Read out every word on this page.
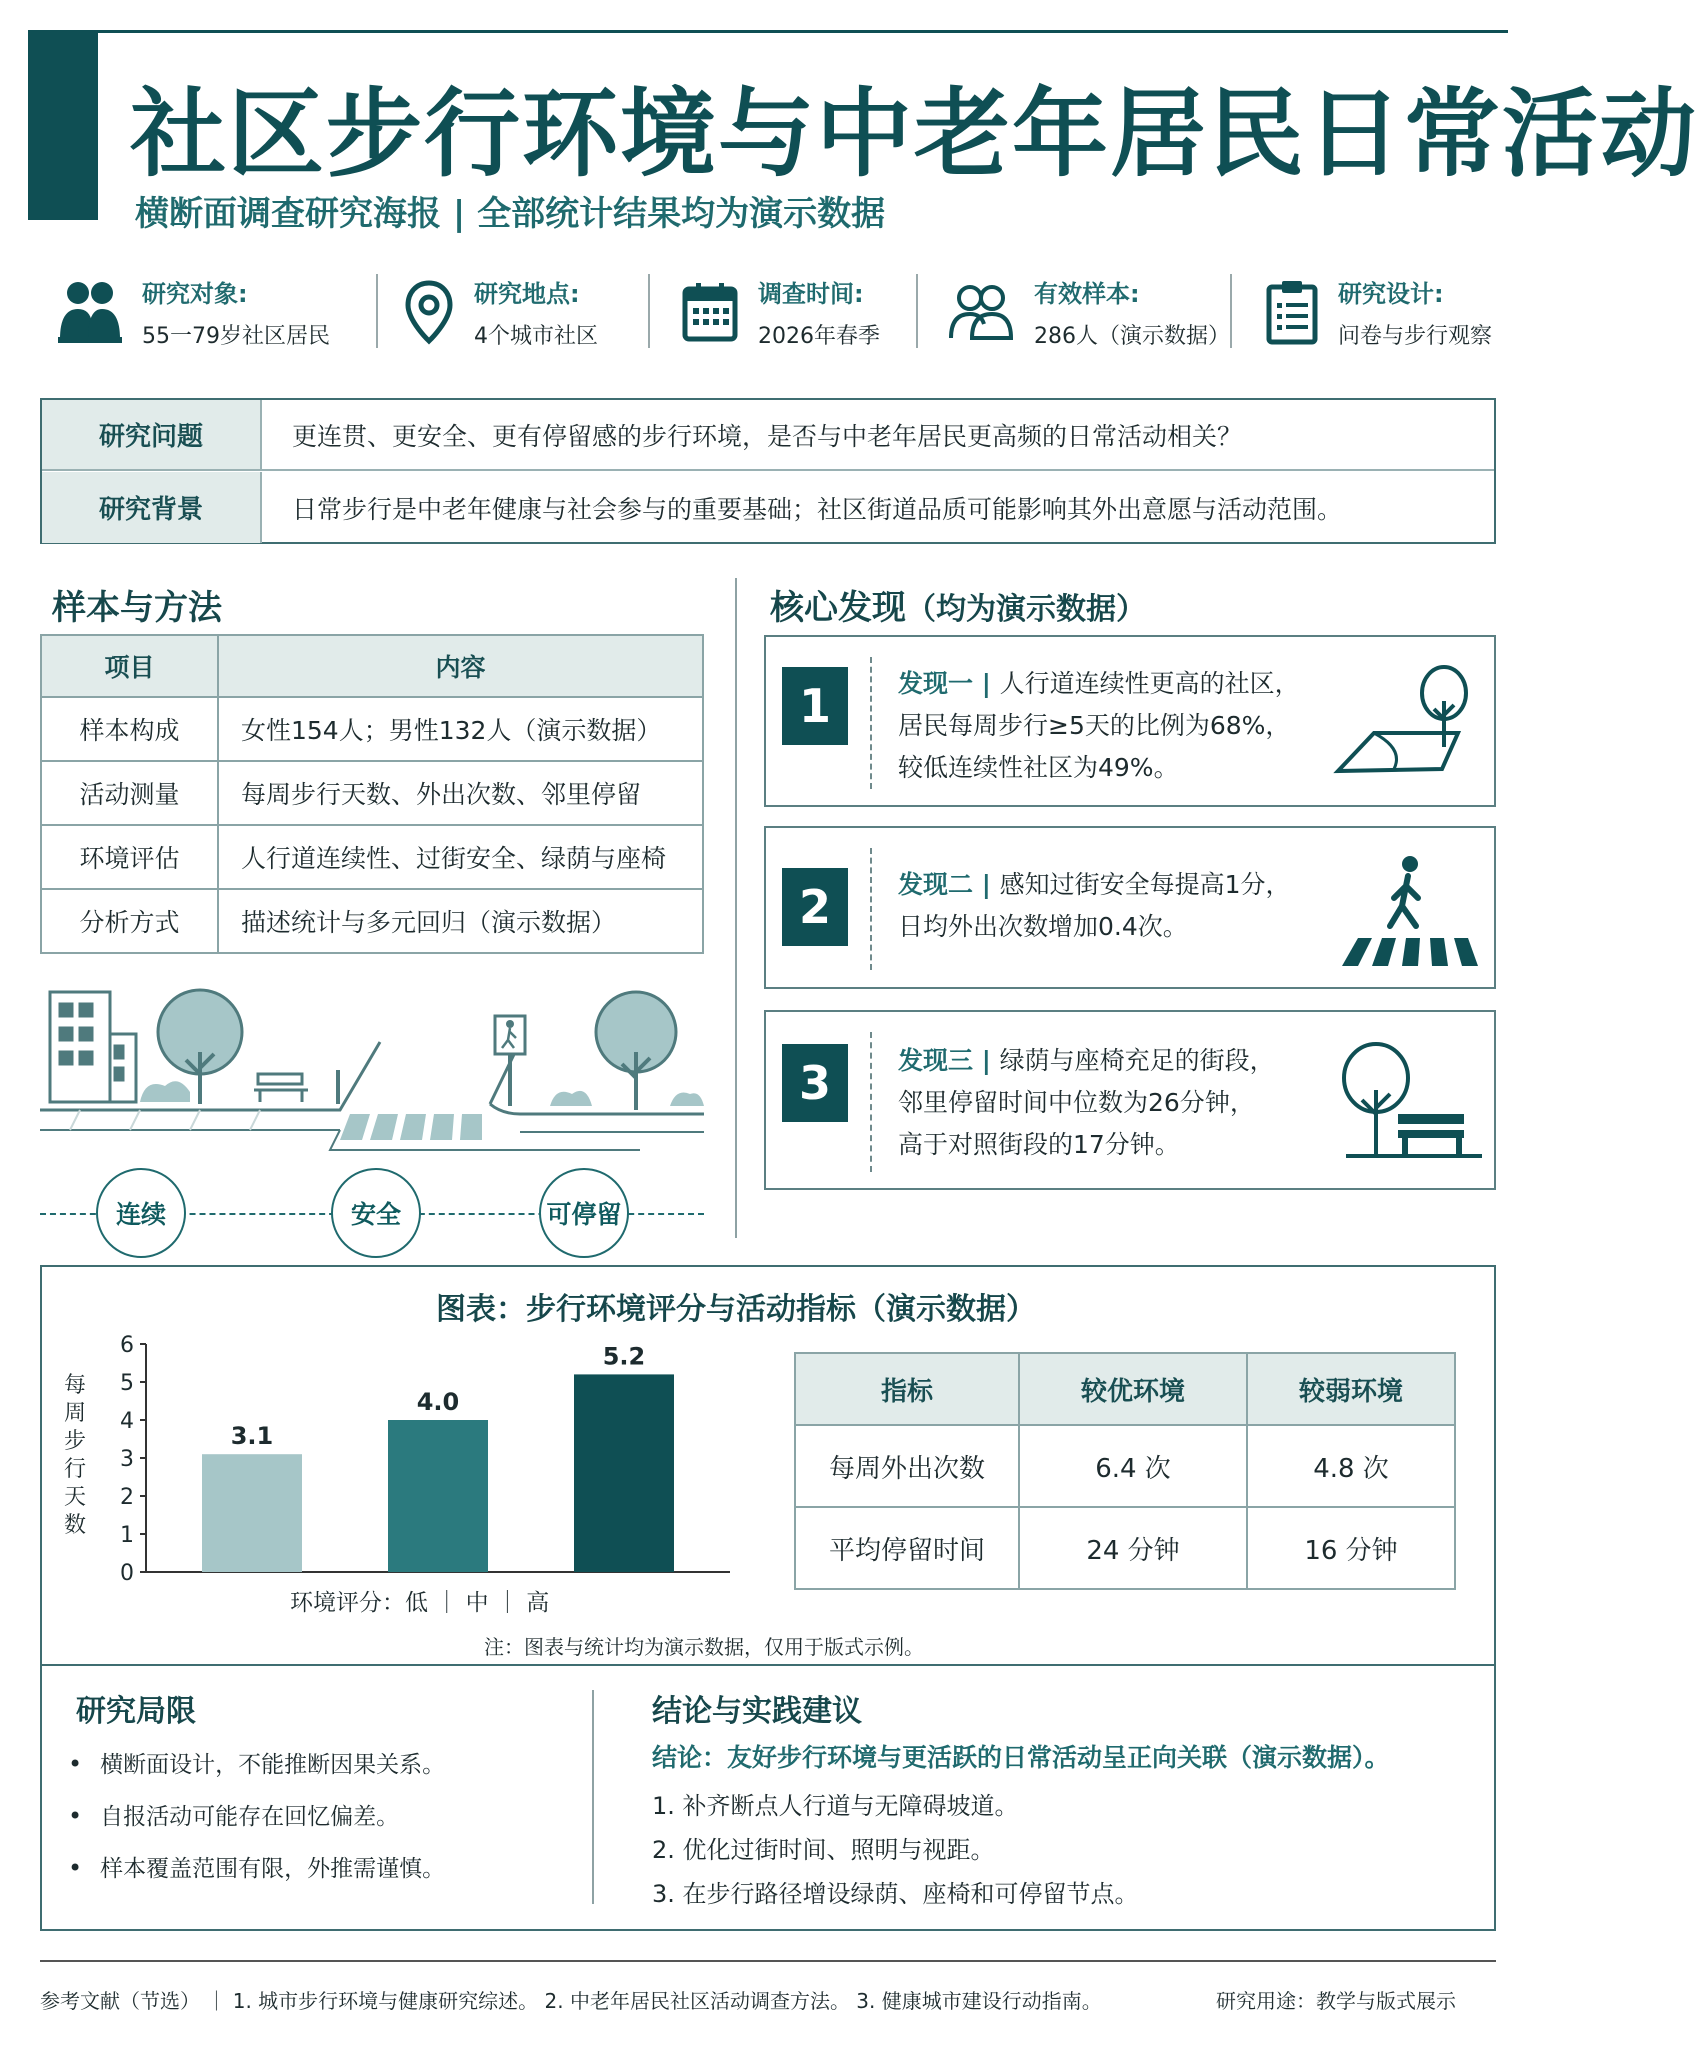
社区步行环境与中老年居民日常活动
横断面调查研究海报 | 全部统计结果均为演示数据
研究对象:
55一79岁社区居民
研究地点:
4个城市社区
调查时间:
2026年春季
有效样本:
286人（演示数据）
研究设计:
问卷与步行观察
研究问题	更连贯、更安全、更有停留感的步行环境，是否与中老年居民更高频的日常活动相关？
研究背景	日常步行是中老年健康与社会参与的重要基础；社区街道品质可能影响其外出意愿与活动范围。
样本与方法
项目	内容
样本构成	女性154人；男性132人（演示数据）
活动测量	每周步行天数、外出次数、邻里停留
环境评估	人行道连续性、过街安全、绿荫与座椅
分析方式	描述统计与多元回归（演示数据）
连续	安全	可停留
核心发现（均为演示数据）
1	发现一 | 人行道连续性更高的社区，
居民每周步行≥5天的比例为68%，
较低连续性社区为49%。
2	发现二 | 感知过街安全每提高1分，
日均外出次数增加0.4次。
3	发现三 | 绿荫与座椅充足的街段，
邻里停留时间中位数为26分钟，
高于对照街段的17分钟。
图表：步行环境评分与活动指标（演示数据）
每周步行天数
0
1
2
3
4
5
6
3.1
4.0
5.2
环境评分：低 ｜ 中 ｜ 高
指标	较优环境	较弱环境
每周外出次数	6.4 次	4.8 次
平均停留时间	24 分钟	16 分钟
注：图表与统计均为演示数据，仅用于版式示例。
研究局限
• 横断面设计，不能推断因果关系。
• 自报活动可能存在回忆偏差。
• 样本覆盖范围有限，外推需谨慎。
结论与实践建议
结论：友好步行环境与更活跃的日常活动呈正向关联（演示数据）。
1. 补齐断点人行道与无障碍坡道。
2. 优化过街时间、照明与视距。
3. 在步行路径增设绿荫、座椅和可停留节点。
参考文献（节选） ｜ 1. 城市步行环境与健康研究综述。 2. 中老年居民社区活动调查方法。 3. 健康城市建设行动指南。	研究用途：教学与版式展示
